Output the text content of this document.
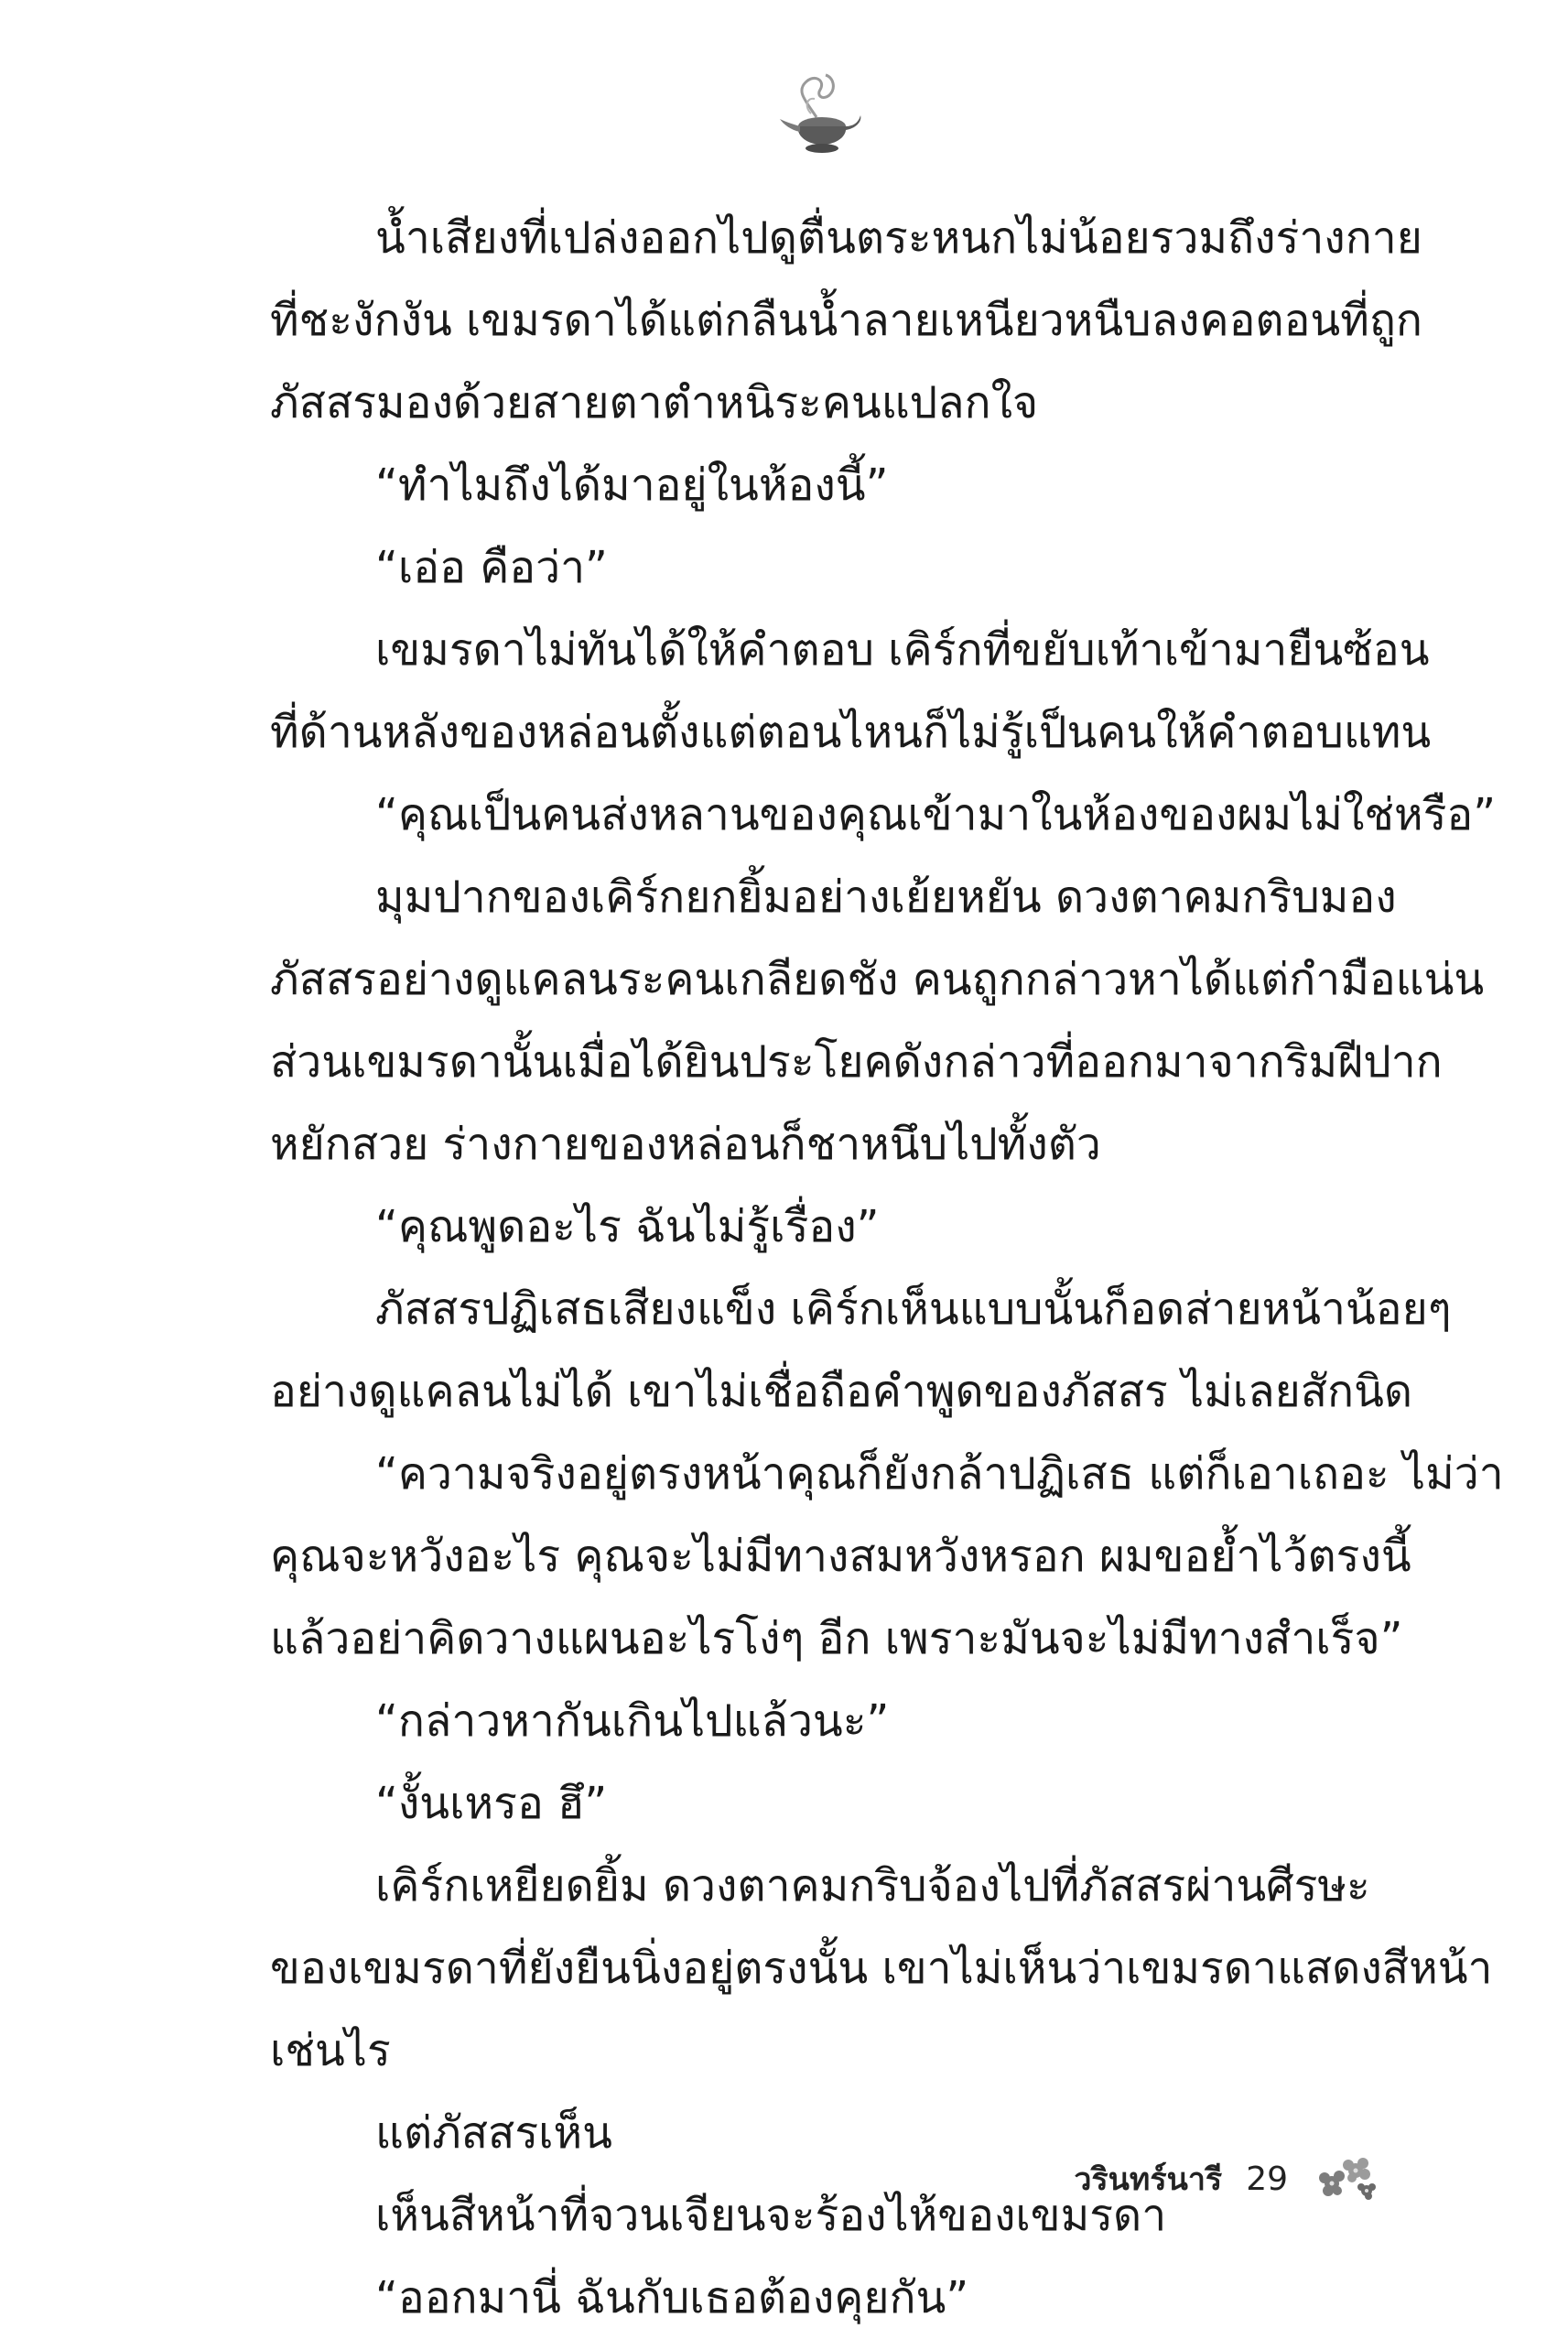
น้ำเสียงที่เปล่งออกไปดูตื่นตระหนกไม่น้อยรวมถึงร่างกาย
ที่ชะงักงัน เขมรดาได้แต่กลืนน้ำลายเหนียวหนืบลงคอตอนที่ถูก
ภัสสรมองด้วยสายตาตำหนิระคนแปลกใจ
“ทำไมถึงได้มาอยู่ในห้องนี้”
“เอ่อ คือว่า”
เขมรดาไม่ทันได้ให้คำตอบ เคิร์กที่ขยับเท้าเข้ามายืนซ้อน
ที่ด้านหลังของหล่อนตั้งแต่ตอนไหนก็ไม่รู้เป็นคนให้คำตอบแทน
“คุณเป็นคนส่งหลานของคุณเข้ามาในห้องของผมไม่ใช่หรือ”
มุมปากของเคิร์กยกยิ้มอย่างเย้ยหยัน ดวงตาคมกริบมอง
ภัสสรอย่างดูแคลนระคนเกลียดชัง คนถูกกล่าวหาได้แต่กำมือแน่น
ส่วนเขมรดานั้นเมื่อได้ยินประโยคดังกล่าวที่ออกมาจากริมฝีปาก
หยักสวย ร่างกายของหล่อนก็ชาหนึบไปทั้งตัว
“คุณพูดอะไร ฉันไม่รู้เรื่อง”
ภัสสรปฏิเสธเสียงแข็ง เคิร์กเห็นแบบนั้นก็อดส่ายหน้าน้อยๆ
อย่างดูแคลนไม่ได้ เขาไม่เชื่อถือคำพูดของภัสสร ไม่เลยสักนิด
“ความจริงอยู่ตรงหน้าคุณก็ยังกล้าปฏิเสธ แต่ก็เอาเถอะ ไม่ว่า
คุณจะหวังอะไร คุณจะไม่มีทางสมหวังหรอก ผมขอย้ำไว้ตรงนี้
แล้วอย่าคิดวางแผนอะไรโง่ๆ อีก เพราะมันจะไม่มีทางสำเร็จ”
“กล่าวหากันเกินไปแล้วนะ”
“งั้นเหรอ ฮึ”
เคิร์กเหยียดยิ้ม ดวงตาคมกริบจ้องไปที่ภัสสรผ่านศีรษะ
ของเขมรดาที่ยังยืนนิ่งอยู่ตรงนั้น เขาไม่เห็นว่าเขมรดาแสดงสีหน้า
เช่นไร
แต่ภัสสรเห็น
เห็นสีหน้าที่จวนเจียนจะร้องไห้ของเขมรดา
“ออกมานี่ ฉันกับเธอต้องคุยกัน”
วรินทร์นารี 29
